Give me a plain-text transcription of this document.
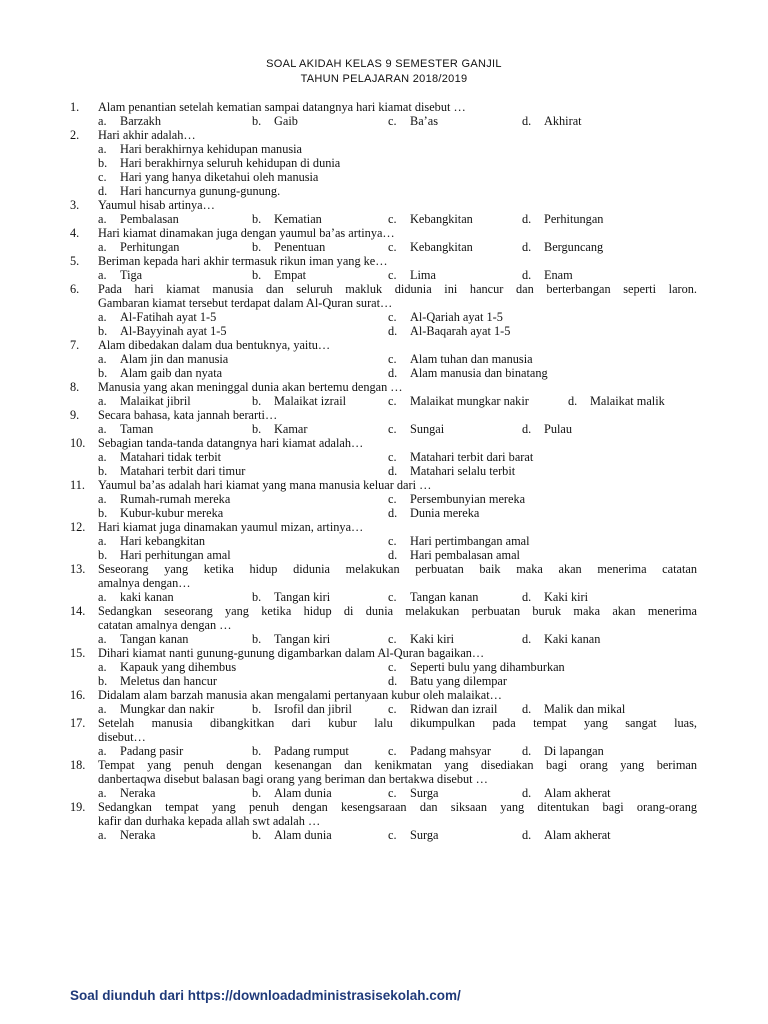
SOAL AKIDAH KELAS 9 SEMESTER GANJIL
TAHUN PELAJARAN 2018/2019
1. Alam penantian setelah kematian sampai datangnya hari kiamat disebut …
a. Barzakh	b. Gaib	c. Ba’as	d. Akhirat
2. Hari akhir adalah…
a. Hari berakhirnya kehidupan manusia
b. Hari berakhirnya seluruh kehidupan di dunia
c. Hari yang hanya diketahui oleh manusia
d. Hari hancurnya gunung-gunung.
3. Yaumul hisab artinya…
a. Pembalasan	b. Kematian	c. Kebangkitan	d. Perhitungan
4. Hari kiamat dinamakan juga dengan yaumul ba’as artinya…
a. Perhitungan	b. Penentuan	c. Kebangkitan	d. Berguncang
5. Beriman kepada hari akhir termasuk rikun iman yang ke…
a. Tiga	b. Empat	c. Lima	d. Enam
6. Pada hari kiamat manusia dan seluruh makluk didunia ini hancur dan berterbangan seperti laron.
Gambaran kiamat tersebut terdapat dalam Al-Quran surat…
a. Al-Fatihah ayat 1-5	c. Al-Qariah ayat 1-5
b. Al-Bayyinah ayat 1-5	d. Al-Baqarah ayat 1-5
7. Alam dibedakan dalam dua bentuknya, yaitu…
a. Alam jin dan manusia	c. Alam tuhan dan manusia
b. Alam gaib dan nyata	d. Alam manusia dan binatang
8. Manusia yang akan meninggal dunia akan bertemu dengan …
a. Malaikat jibril	b. Malaikat izrail	c. Malaikat mungkar nakir	d. Malaikat malik
9. Secara bahasa, kata jannah berarti…
a. Taman	b. Kamar	c. Sungai	d. Pulau
10. Sebagian tanda-tanda datangnya hari kiamat adalah…
a. Matahari tidak terbit	c. Matahari terbit dari barat
b. Matahari terbit dari timur	d. Matahari selalu terbit
11. Yaumul ba’as adalah hari kiamat yang mana manusia keluar dari …
a. Rumah-rumah mereka	c. Persembunyian mereka
b. Kubur-kubur mereka	d. Dunia mereka
12. Hari kiamat juga dinamakan yaumul mizan, artinya…
a. Hari kebangkitan	c. Hari pertimbangan amal
b. Hari perhitungan amal	d. Hari pembalasan amal
13. Seseorang yang ketika hidup didunia melakukan perbuatan baik maka akan menerima catatan
amalnya dengan…
a. kaki kanan	b. Tangan kiri	c. Tangan kanan	d. Kaki kiri
14. Sedangkan seseorang yang ketika hidup di dunia melakukan perbuatan buruk maka akan menerima
catatan amalnya dengan …
a. Tangan kanan	b. Tangan kiri	c. Kaki kiri	d. Kaki kanan
15. Dihari kiamat nanti gunung-gunung digambarkan dalam Al-Quran bagaikan…
a. Kapauk yang dihembus	c. Seperti bulu yang dihamburkan
b. Meletus dan hancur	d. Batu yang dilempar
16. Didalam alam barzah manusia akan mengalami pertanyaan kubur oleh malaikat…
a. Mungkar dan nakir	b. Isrofil dan jibril	c. Ridwan dan izrail d. Malik dan mikal
17. Setelah manusia dibangkitkan dari kubur lalu dikumpulkan pada tempat yang sangat luas,
disebut…
a. Padang pasir	b. Padang rumput	c. Padang mahsyar	d. Di lapangan
18. Tempat yang penuh dengan kesenangan dan kenikmatan yang disediakan bagi orang yang beriman
danbertaqwa disebut balasan bagi orang yang beriman dan bertakwa disebut …
a. Neraka	b. Alam dunia	c. Surga	d. Alam akherat
19. Sedangkan tempat yang penuh dengan kesengsaraan dan siksaan yang ditentukan bagi orang-orang
kafir dan durhaka kepada allah swt adalah …
a. Neraka	b. Alam dunia	c. Surga	d. Alam akherat
Soal diunduh dari https://downloadadministrasisekolah.com/
